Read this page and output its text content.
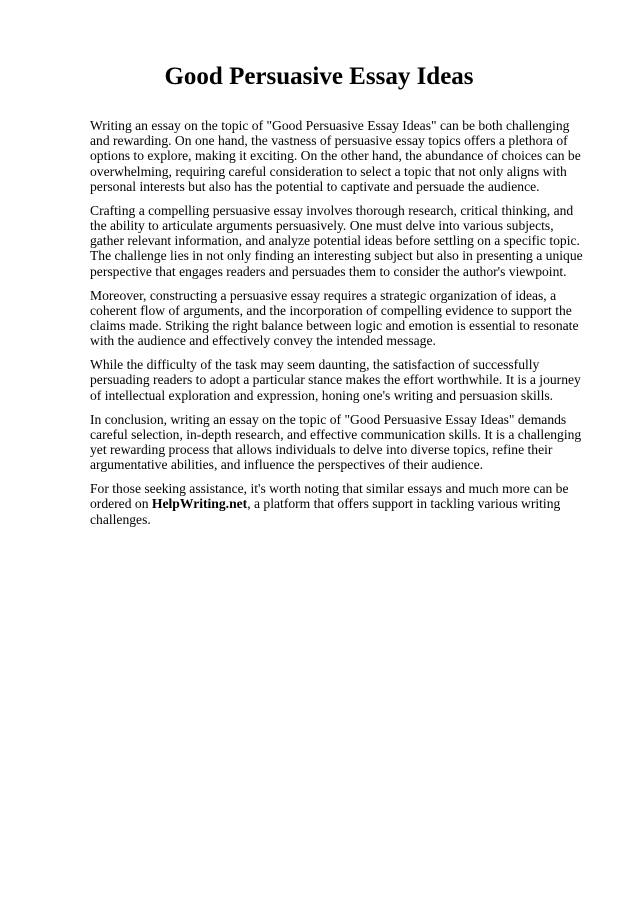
Good Persuasive Essay Ideas

Writing an essay on the topic of "Good Persuasive Essay Ideas" can be both challenging and rewarding. On one hand, the vastness of persuasive essay topics offers a plethora of options to explore, making it exciting. On the other hand, the abundance of choices can be overwhelming, requiring careful consideration to select a topic that not only aligns with personal interests but also has the potential to captivate and persuade the audience.

Crafting a compelling persuasive essay involves thorough research, critical thinking, and the ability to articulate arguments persuasively. One must delve into various subjects, gather relevant information, and analyze potential ideas before settling on a specific topic. The challenge lies in not only finding an interesting subject but also in presenting a unique perspective that engages readers and persuades them to consider the author's viewpoint.

Moreover, constructing a persuasive essay requires a strategic organization of ideas, a coherent flow of arguments, and the incorporation of compelling evidence to support the claims made. Striking the right balance between logic and emotion is essential to resonate with the audience and effectively convey the intended message.

While the difficulty of the task may seem daunting, the satisfaction of successfully persuading readers to adopt a particular stance makes the effort worthwhile. It is a journey of intellectual exploration and expression, honing one's writing and persuasion skills.

In conclusion, writing an essay on the topic of "Good Persuasive Essay Ideas" demands careful selection, in-depth research, and effective communication skills. It is a challenging yet rewarding process that allows individuals to delve into diverse topics, refine their argumentative abilities, and influence the perspectives of their audience.

For those seeking assistance, it's worth noting that similar essays and much more can be ordered on HelpWriting.net, a platform that offers support in tackling various writing challenges.
